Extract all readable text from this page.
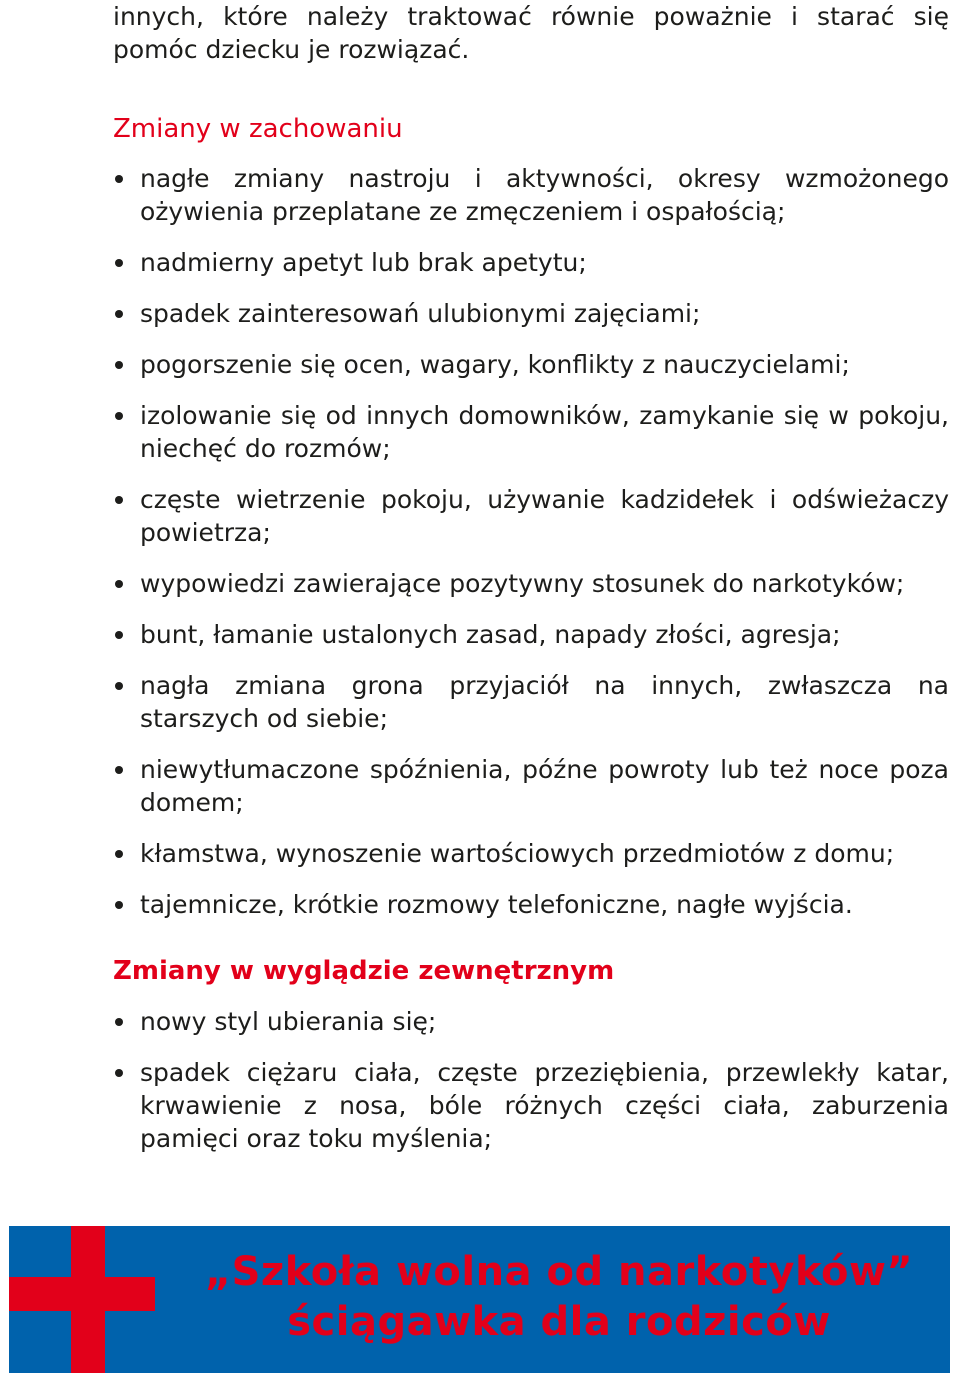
innych, które należy traktować równie poważnie i starać się pomóc dziecku je rozwiązać.

Zmiany w zachowaniu
nagłe zmiany nastroju i aktywności, okresy wzmożonego ożywienia przeplatane ze zmęczeniem i ospałością;
nadmierny apetyt lub brak apetytu;
spadek zainteresowań ulubionymi zajęciami;
pogorszenie się ocen, wagary, konflikty z nauczycielami;
izolowanie się od innych domowników, zamykanie się w pokoju, niechęć do rozmów;
częste wietrzenie pokoju, używanie kadzidełek i odświeżaczy powietrza;
wypowiedzi zawierające pozytywny stosunek do narkotyków;
bunt, łamanie ustalonych zasad, napady złości, agresja;
nagła zmiana grona przyjaciół na innych, zwłaszcza na starszych od siebie;
niewytłumaczone spóźnienia, późne powroty lub też noce poza domem;
kłamstwa, wynoszenie wartościowych przedmiotów z domu;
tajemnicze, krótkie rozmowy telefoniczne, nagłe wyjścia.
Zmiany w wyglądzie zewnętrznym
nowy styl ubierania się;
spadek ciężaru ciała, częste przeziębienia, przewlekły katar, krwawienie z nosa, bóle różnych części ciała, zaburzenia pamięci oraz toku myślenia;
„Szkoła wolna od narkotyków”
ściągawka dla rodziców
